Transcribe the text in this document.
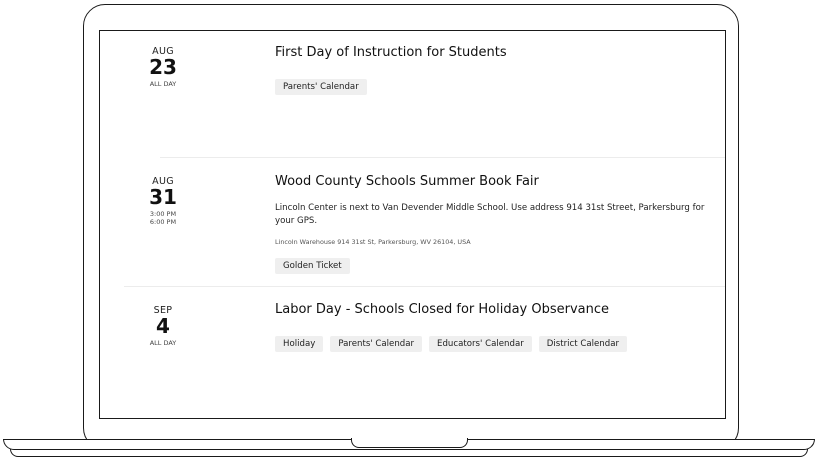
AUG
23
ALL DAY
First Day of Instruction for Students
Parents' Calendar
AUG
31
3:00 PM
6:00 PM
Wood County Schools Summer Book Fair
Lincoln Center is next to Van Devender Middle School. Use address 914 31st Street, Parkersburg for your GPS.
Lincoln Warehouse 914 31st St, Parkersburg, WV 26104, USA
Golden Ticket
SEP
4
ALL DAY
Labor Day - Schools Closed for Holiday Observance
Holiday	Parents' Calendar	Educators' Calendar	District Calendar
